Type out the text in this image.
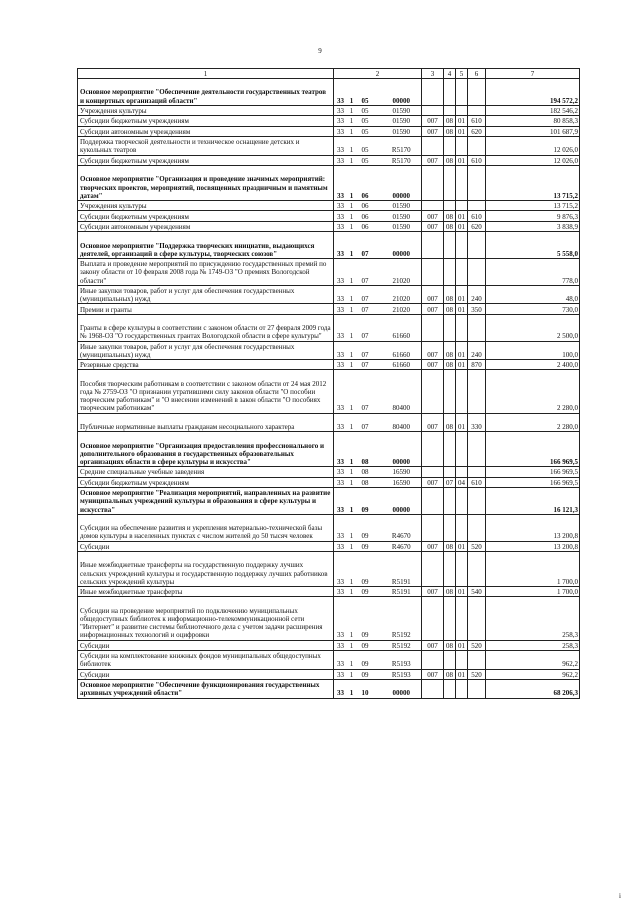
9
1	2				3	4	5	6	7
Основное мероприятие "Обеспечение деятельности государственных театров и концертных организаций области"	33	1	05	00000					194 572,2
Учреждения культуры	33	1	05	01590					182 546,2
Субсидии бюджетным учреждениям	33	1	05	01590	007	08	01	610	80 858,3
Субсидии автономным учреждениям	33	1	05	01590	007	08	01	620	101 687,9
Поддержка творческой деятельности и техническое оснащение детских и кукольных театров	33	1	05	R5170					12 026,0
Субсидии бюджетным учреждениям	33	1	05	R5170	007	08	01	610	12 026,0
Основное мероприятие "Организация и проведение значимых мероприятий: творческих проектов, мероприятий, посвященных праздничным и памятным датам"	33	1	06	00000					13 715,2
Учреждения культуры	33	1	06	01590					13 715,2
Субсидии бюджетным учреждениям	33	1	06	01590	007	08	01	610	9 876,3
Субсидии автономным учреждениям	33	1	06	01590	007	08	01	620	3 838,9
Основное мероприятие "Поддержка творческих инициатив, выдающихся деятелей, организаций в сфере культуры, творческих союзов"	33	1	07	00000					5 558,0
Выплата и проведение мероприятий по присуждению государственных премий по закону области от 10 февраля 2008 года № 1749-ОЗ "О премиях Вологодской области"	33	1	07	21020					778,0
Иные закупки товаров, работ и услуг для обеспечения государственных (муниципальных) нужд	33	1	07	21020	007	08	01	240	48,0
Премии и гранты	33	1	07	21020	007	08	01	350	730,0
Гранты в сфере культуры в соответствии с законом области от 27 февраля 2009 года № 1968-ОЗ "О государственных грантах Вологодской области в сфере культуры"	33	1	07	61660					2 500,0
Иные закупки товаров, работ и услуг для обеспечения государственных (муниципальных) нужд	33	1	07	61660	007	08	01	240	100,0
Резервные средства	33	1	07	61660	007	08	01	870	2 400,0
Пособия творческим работникам в соответствии с законом области от 24 мая 2012 года № 2759-ОЗ "О признании утратившими силу законов области "О пособии творческим работникам" и "О внесении изменений в закон области "О пособиях творческим работникам"	33	1	07	80400					2 280,0
Публичные нормативные выплаты гражданам несоциального характера	33	1	07	80400	007	08	01	330	2 280,0
Основное мероприятие "Организация предоставления профессионального и дополнительного образования в государственных образовательных организациях области в сфере культуры и искусства"	33	1	08	00000					166 969,5
Средние специальные учебные заведения	33	1	08	16590					166 969,5
Субсидии бюджетным учреждениям	33	1	08	16590	007	07	04	610	166 969,5
Основное мероприятие "Реализация мероприятий, направленных на развитие муниципальных учреждений культуры и образования в сфере культуры и искусства"	33	1	09	00000					16 121,3
Субсидии на обеспечение развития и укрепления материально-технической базы домов культуры в населенных пунктах с числом жителей до 50 тысяч человек	33	1	09	R4670					13 200,8
Субсидии	33	1	09	R4670	007	08	01	520	13 200,8
Иные межбюджетные трансферты на государственную поддержку лучших сельских учреждений культуры и государственную поддержку лучших работников сельских учреждений культуры	33	1	09	R5191					1 700,0
Иные межбюджетные трансферты	33	1	09	R5191	007	08	01	540	1 700,0
Субсидии на проведение мероприятий по подключению муниципальных общедоступных библиотек к информационно-телекоммуникационной сети "Интернет" и развитие системы библиотечного дела с учетом задачи расширения информационных технологий и оцифровки	33	1	09	R5192					258,3
Субсидии	33	1	09	R5192	007	08	01	520	258,3
Субсидии на комплектование книжных фондов муниципальных общедоступных библиотек	33	1	09	R5193					962,2
Субсидии	33	1	09	R5193	007	08	01	520	962,2
Основное мероприятие "Обеспечение функционирования государственных архивных учреждений области"	33	1	10	00000					68 206,3
i
